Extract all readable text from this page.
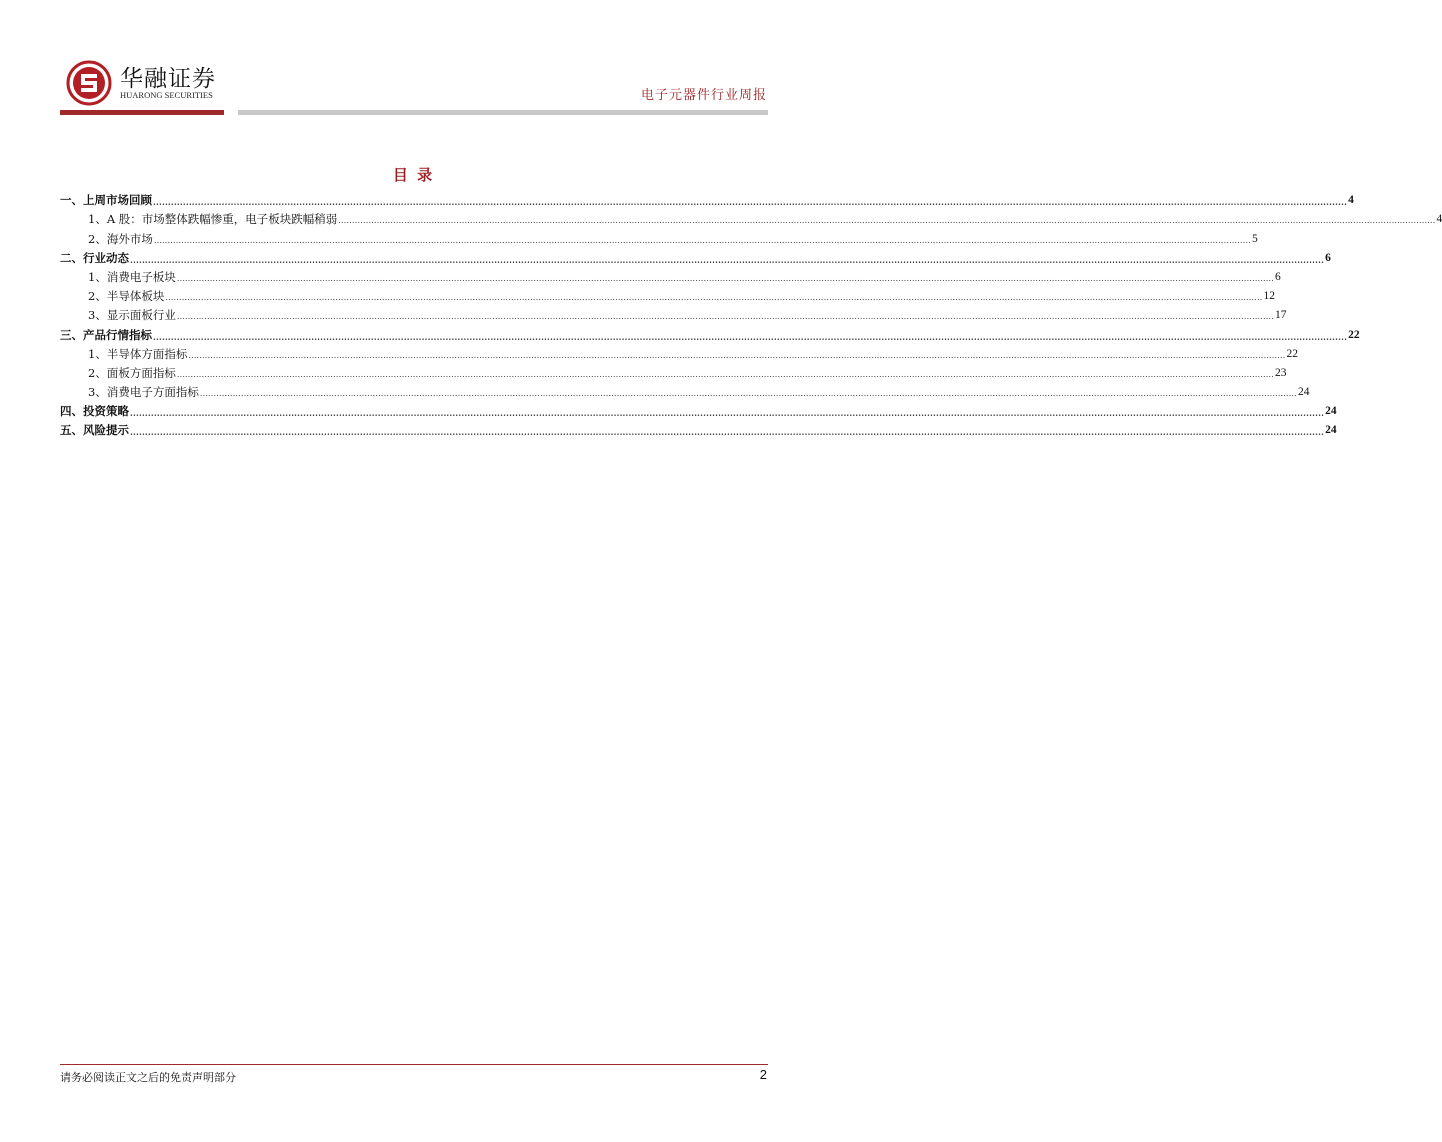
华融证券
HUARONG SECURITIES	电子元器件行业周报
目 录
一、上周市场回顾 ................................................................................................................................................................................................................................................................................................................................................................................................................ 4
1、A 股：市场整体跌幅惨重，电子板块跌幅稍弱 ................................................................................................................................................................................................................................................................................................................................................................................................................ 4
2、海外市场 ................................................................................................................................................................................................................................................................................................................................................................................................................ 5
二、行业动态 ................................................................................................................................................................................................................................................................................................................................................................................................................ 6
1、消费电子板块 ................................................................................................................................................................................................................................................................................................................................................................................................................ 6
2、半导体板块 ................................................................................................................................................................................................................................................................................................................................................................................................................ 12
3、显示面板行业 ................................................................................................................................................................................................................................................................................................................................................................................................................ 17
三、产品行情指标 ................................................................................................................................................................................................................................................................................................................................................................................................................ 22
1、半导体方面指标 ................................................................................................................................................................................................................................................................................................................................................................................................................ 22
2、面板方面指标 ................................................................................................................................................................................................................................................................................................................................................................................................................ 23
3、消费电子方面指标 ................................................................................................................................................................................................................................................................................................................................................................................................................ 24
四、投资策略 ................................................................................................................................................................................................................................................................................................................................................................................................................ 24
五、风险提示 ................................................................................................................................................................................................................................................................................................................................................................................................................ 24
请务必阅读正文之后的免责声明部分	2
